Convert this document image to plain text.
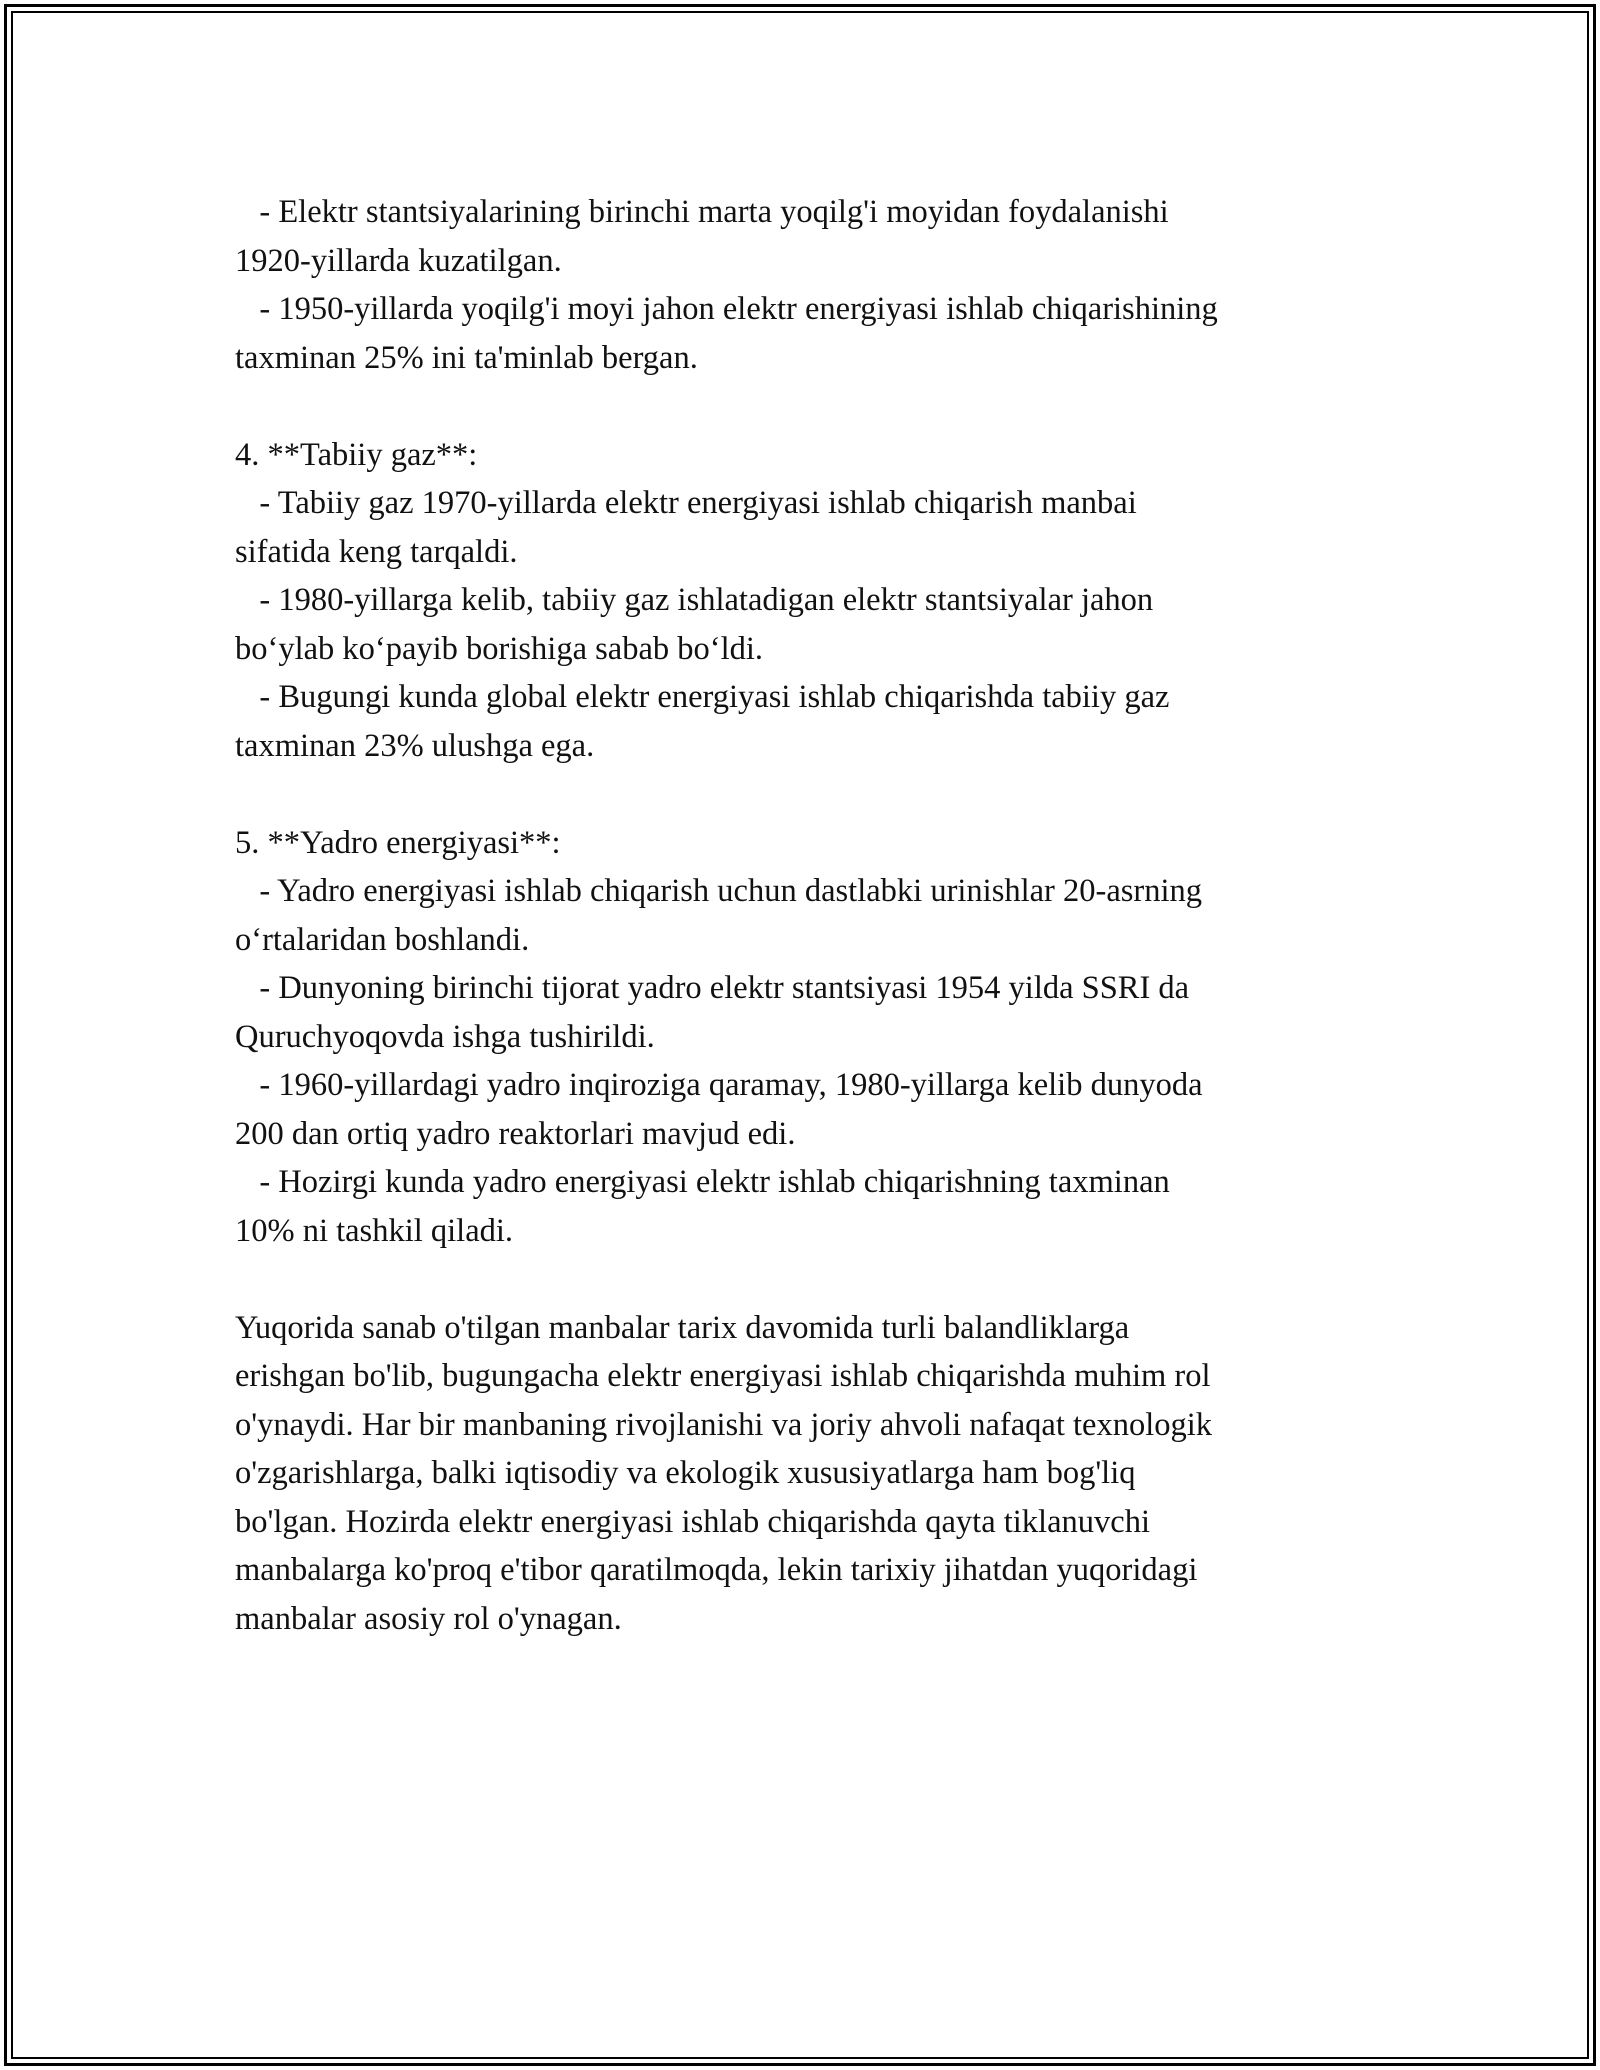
- Elektr stantsiyalarining birinchi marta yoqilg'i moyidan foydalanishi
1920-yillarda kuzatilgan.
- 1950-yillarda yoqilg'i moyi jahon elektr energiyasi ishlab chiqarishining
taxminan 25% ini ta'minlab bergan.
4. **Tabiiy gaz**:
- Tabiiy gaz 1970-yillarda elektr energiyasi ishlab chiqarish manbai
sifatida keng tarqaldi.
- 1980-yillarga kelib, tabiiy gaz ishlatadigan elektr stantsiyalar jahon
bo‘ylab ko‘payib borishiga sabab bo‘ldi.
- Bugungi kunda global elektr energiyasi ishlab chiqarishda tabiiy gaz
taxminan 23% ulushga ega.
5. **Yadro energiyasi**:
- Yadro energiyasi ishlab chiqarish uchun dastlabki urinishlar 20-asrning
o‘rtalaridan boshlandi.
- Dunyoning birinchi tijorat yadro elektr stantsiyasi 1954 yilda SSRI da
Quruchyoqovda ishga tushirildi.
- 1960-yillardagi yadro inqiroziga qaramay, 1980-yillarga kelib dunyoda
200 dan ortiq yadro reaktorlari mavjud edi.
- Hozirgi kunda yadro energiyasi elektr ishlab chiqarishning taxminan
10% ni tashkil qiladi.
Yuqorida sanab o'tilgan manbalar tarix davomida turli balandliklarga
erishgan bo'lib, bugungacha elektr energiyasi ishlab chiqarishda muhim rol
o'ynaydi. Har bir manbaning rivojlanishi va joriy ahvoli nafaqat texnologik
o'zgarishlarga, balki iqtisodiy va ekologik xususiyatlarga ham bog'liq
bo'lgan. Hozirda elektr energiyasi ishlab chiqarishda qayta tiklanuvchi
manbalarga ko'proq e'tibor qaratilmoqda, lekin tarixiy jihatdan yuqoridagi
manbalar asosiy rol o'ynagan.
